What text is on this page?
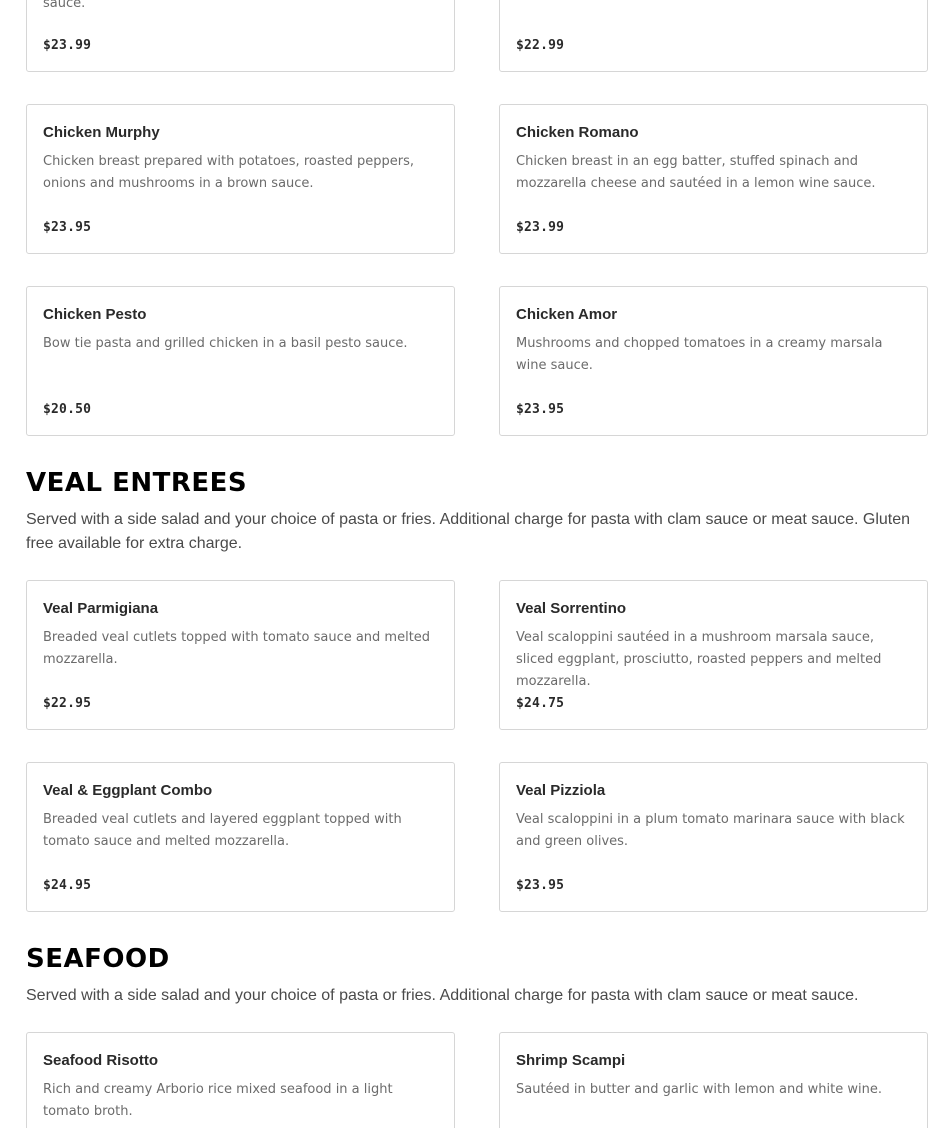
sauce.
$23.99	$22.99
Chicken Murphy
Chicken breast prepared with potatoes, roasted peppers, onions and mushrooms in a brown sauce.
$23.95
Chicken Romano
Chicken breast in an egg batter, stuffed spinach and mozzarella cheese and sautéed in a lemon wine sauce.
$23.99
Chicken Pesto
Bow tie pasta and grilled chicken in a basil pesto sauce.
$20.50
Chicken Amor
Mushrooms and chopped tomatoes in a creamy marsala wine sauce.
$23.95
VEAL ENTREES
Served with a side salad and your choice of pasta or fries. Additional charge for pasta with clam sauce or meat sauce. Gluten free available for extra charge.
Veal Parmigiana
Breaded veal cutlets topped with tomato sauce and melted mozzarella.
$22.95
Veal Sorrentino
Veal scaloppini sautéed in a mushroom marsala sauce, sliced eggplant, prosciutto, roasted peppers and melted mozzarella.
$24.75
Veal & Eggplant Combo
Breaded veal cutlets and layered eggplant topped with tomato sauce and melted mozzarella.
$24.95
Veal Pizziola
Veal scaloppini in a plum tomato marinara sauce with black and green olives.
$23.95
SEAFOOD
Served with a side salad and your choice of pasta or fries. Additional charge for pasta with clam sauce or meat sauce.
Seafood Risotto
Rich and creamy Arborio rice mixed seafood in a light tomato broth.
Shrimp Scampi
Sautéed in butter and garlic with lemon and white wine.
